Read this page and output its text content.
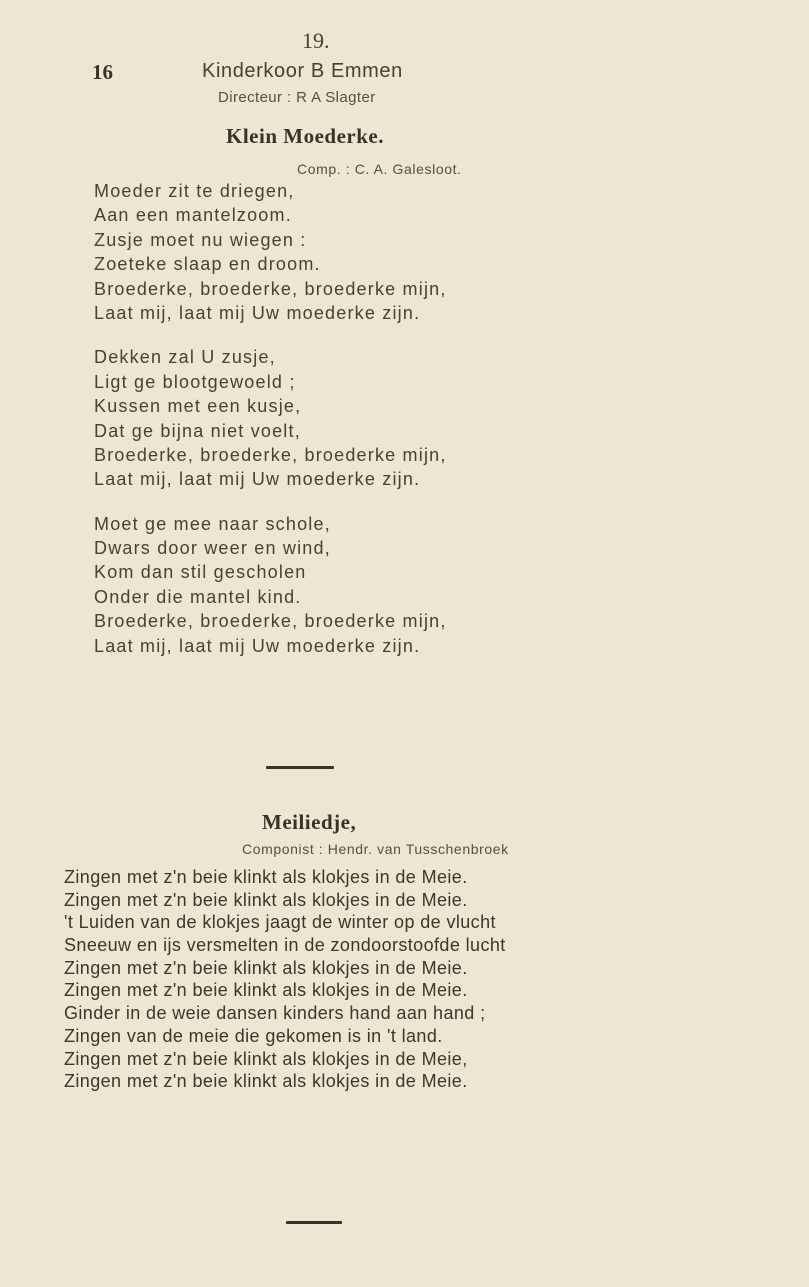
19.
16	Kinderkoor B Emmen
Directeur : R A Slagter
Klein Moederke.
Comp. : C. A. Galesloot.
Moeder zit te driegen,
Aan een mantelzoom.
Zusje moet nu wiegen :
Zoeteke slaap en droom.
Broederke, broederke, broederke mijn,
Laat mij, laat mij Uw moederke zijn.
Dekken zal U zusje,
Ligt ge blootgewoeld ;
Kussen met een kusje,
Dat ge bijna niet voelt,
Broederke, broederke, broederke mijn,
Laat mij, laat mij Uw moederke zijn.
Moet ge mee naar schole,
Dwars door weer en wind,
Kom dan stil gescholen
Onder die mantel kind.
Broederke, broederke, broederke mijn,
Laat mij, laat mij Uw moederke zijn.
Meiliedje,
Componist : Hendr. van Tusschenbroek
Zingen met z'n beie klinkt als klokjes in de Meie.
Zingen met z'n beie klinkt als klokjes in de Meie.
't Luiden van de klokjes jaagt de winter op de vlucht
Sneeuw en ijs versmelten in de zondoorstoofde lucht
Zingen met z'n beie klinkt als klokjes in de Meie.
Zingen met z'n beie klinkt als klokjes in de Meie.
Ginder in de weie dansen kinders hand aan hand ;
Zingen van de meie die gekomen is in 't land.
Zingen met z'n beie klinkt als klokjes in de Meie,
Zingen met z'n beie klinkt als klokjes in de Meie.
